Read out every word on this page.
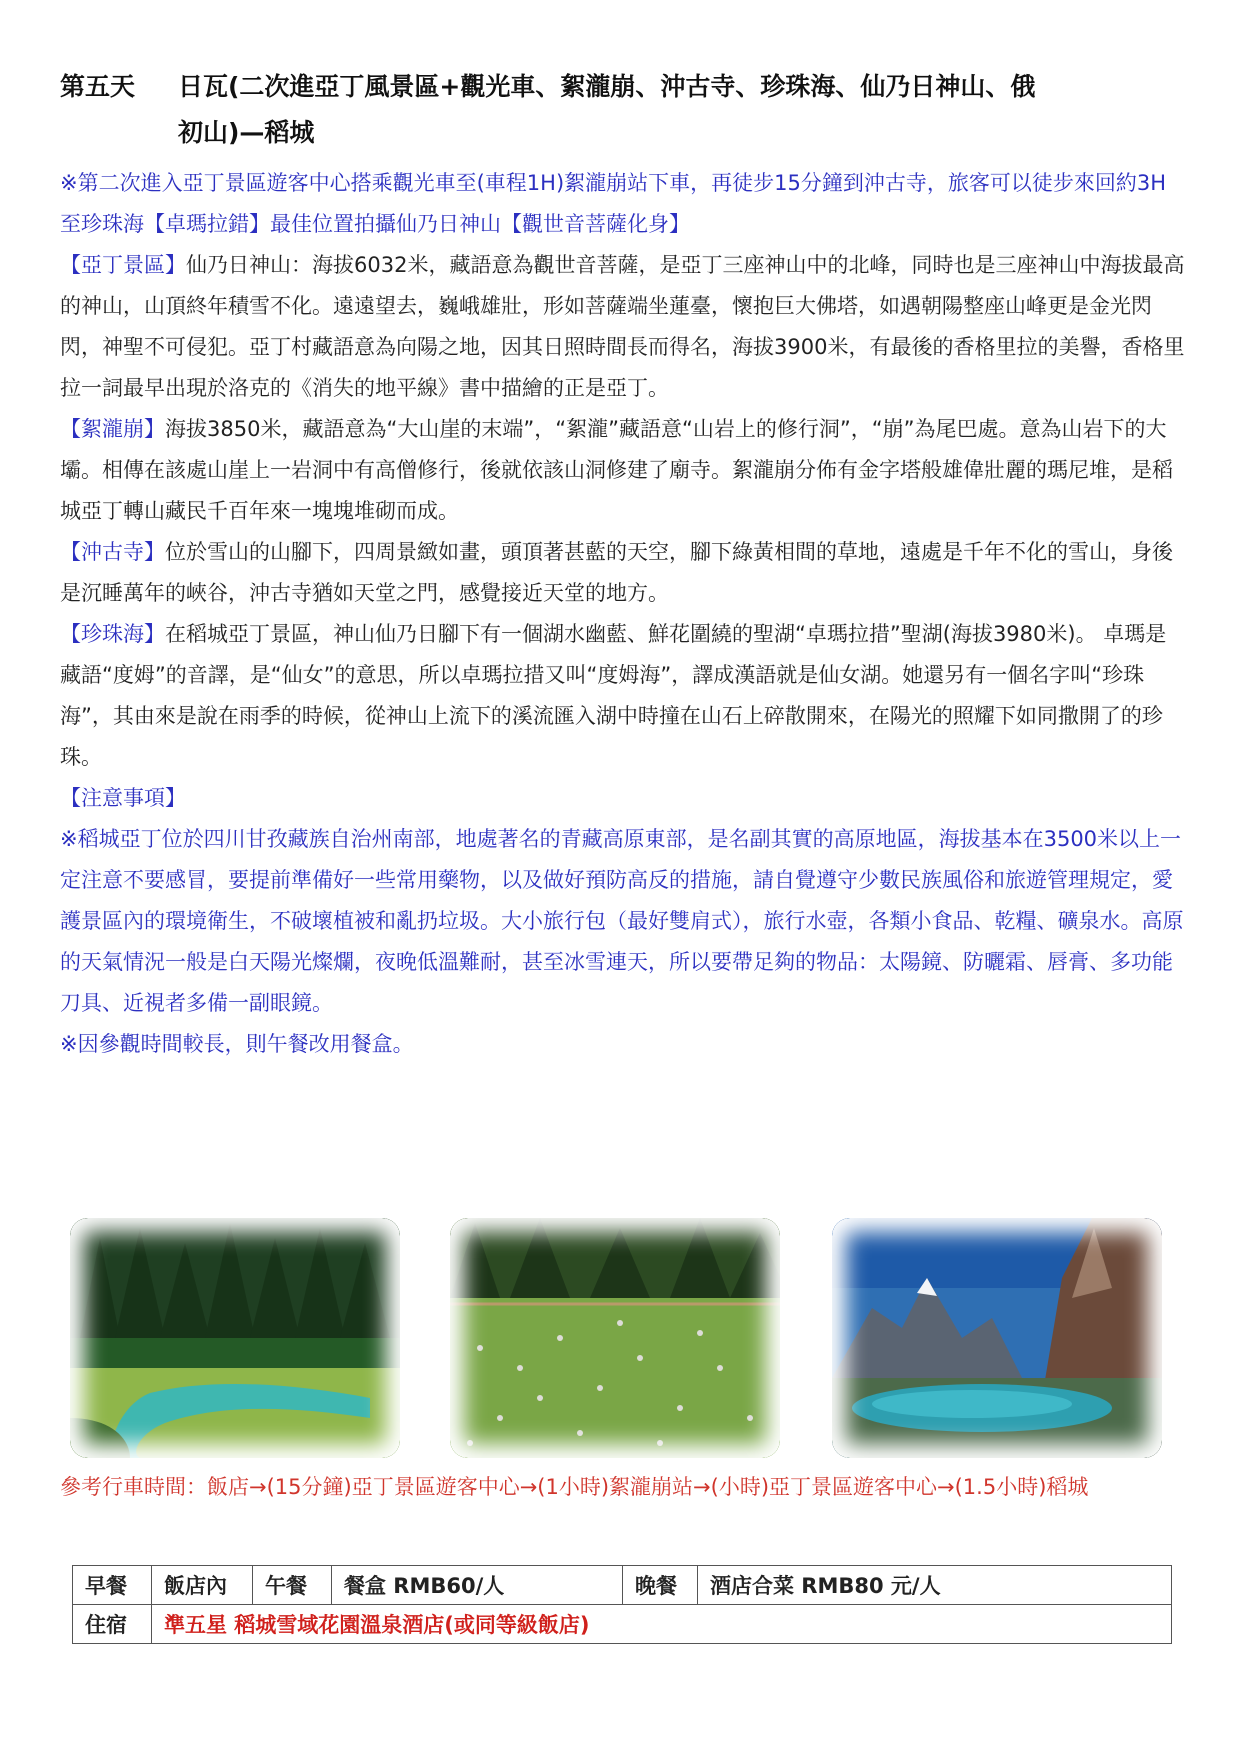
第五天 日瓦(二次進亞丁風景區+觀光車、絮瀧崩、沖古寺、珍珠海、仙乃日神山、俄
初山)—稻城

※第二次進入亞丁景區遊客中心搭乘觀光車至(車程1H)絮瀧崩站下車，再徒步15分鐘到沖古寺，旅客可以徒步來回約3H至珍珠海【卓瑪拉錯】最佳位置拍攝仙乃日神山【觀世音菩薩化身】

【亞丁景區】仙乃日神山：海拔6032米，藏語意為觀世音菩薩，是亞丁三座神山中的北峰，同時也是三座神山中海拔最高的神山，山頂終年積雪不化。遠遠望去，巍峨雄壯，形如菩薩端坐蓮臺，懷抱巨大佛塔，如遇朝陽整座山峰更是金光閃閃，神聖不可侵犯。亞丁村藏語意為向陽之地，因其日照時間長而得名，海拔3900米，有最後的香格里拉的美譽，香格里拉一詞最早出現於洛克的《消失的地平線》書中描繪的正是亞丁。

【絮瀧崩】海拔3850米，藏語意為“大山崖的末端”，“絮瀧”藏語意“山岩上的修行洞”，“崩”為尾巴處。意為山岩下的大壩。相傳在該處山崖上一岩洞中有高僧修行，後就依該山洞修建了廟寺。絮瀧崩分佈有金字塔般雄偉壯麗的瑪尼堆，是稻城亞丁轉山藏民千百年來一塊塊堆砌而成。

【沖古寺】位於雪山的山腳下，四周景緻如畫，頭頂著甚藍的天空，腳下綠黃相間的草地，遠處是千年不化的雪山，身後是沉睡萬年的峽谷，沖古寺猶如天堂之門，感覺接近天堂的地方。

【珍珠海】在稻城亞丁景區，神山仙乃日腳下有一個湖水幽藍、鮮花圍繞的聖湖“卓瑪拉措”聖湖(海拔3980米)。 卓瑪是藏語“度姆”的音譯，是“仙女”的意思，所以卓瑪拉措又叫“度姆海”，譯成漢語就是仙女湖。她還另有一個名字叫“珍珠海”，其由來是說在雨季的時候，從神山上流下的溪流匯入湖中時撞在山石上碎散開來，在陽光的照耀下如同撒開了的珍珠。

【注意事項】

※稻城亞丁位於四川甘孜藏族自治州南部，地處著名的青藏高原東部，是名副其實的高原地區，海拔基本在3500米以上一定注意不要感冒，要提前準備好一些常用藥物，以及做好預防高反的措施，請自覺遵守少數民族風俗和旅遊管理規定，愛護景區內的環境衛生，不破壞植被和亂扔垃圾。大小旅行包（最好雙肩式），旅行水壺，各類小食品、乾糧、礦泉水。高原的天氣情況一般是白天陽光燦爛，夜晚低溫難耐，甚至冰雪連天，所以要帶足夠的物品：太陽鏡、防曬霜、唇膏、多功能刀具、近視者多備一副眼鏡。

※因參觀時間較長，則午餐改用餐盒。

參考行車時間：飯店→(15分鐘)亞丁景區遊客中心→(1小時)絮瀧崩站→(小時)亞丁景區遊客中心→(1.5小時)稻城
早餐	飯店內	午餐	餐盒 RMB60/人	晚餐	酒店合菜 RMB80 元/人
住宿	準五星 稻城雪域花園溫泉酒店(或同等級飯店)				
